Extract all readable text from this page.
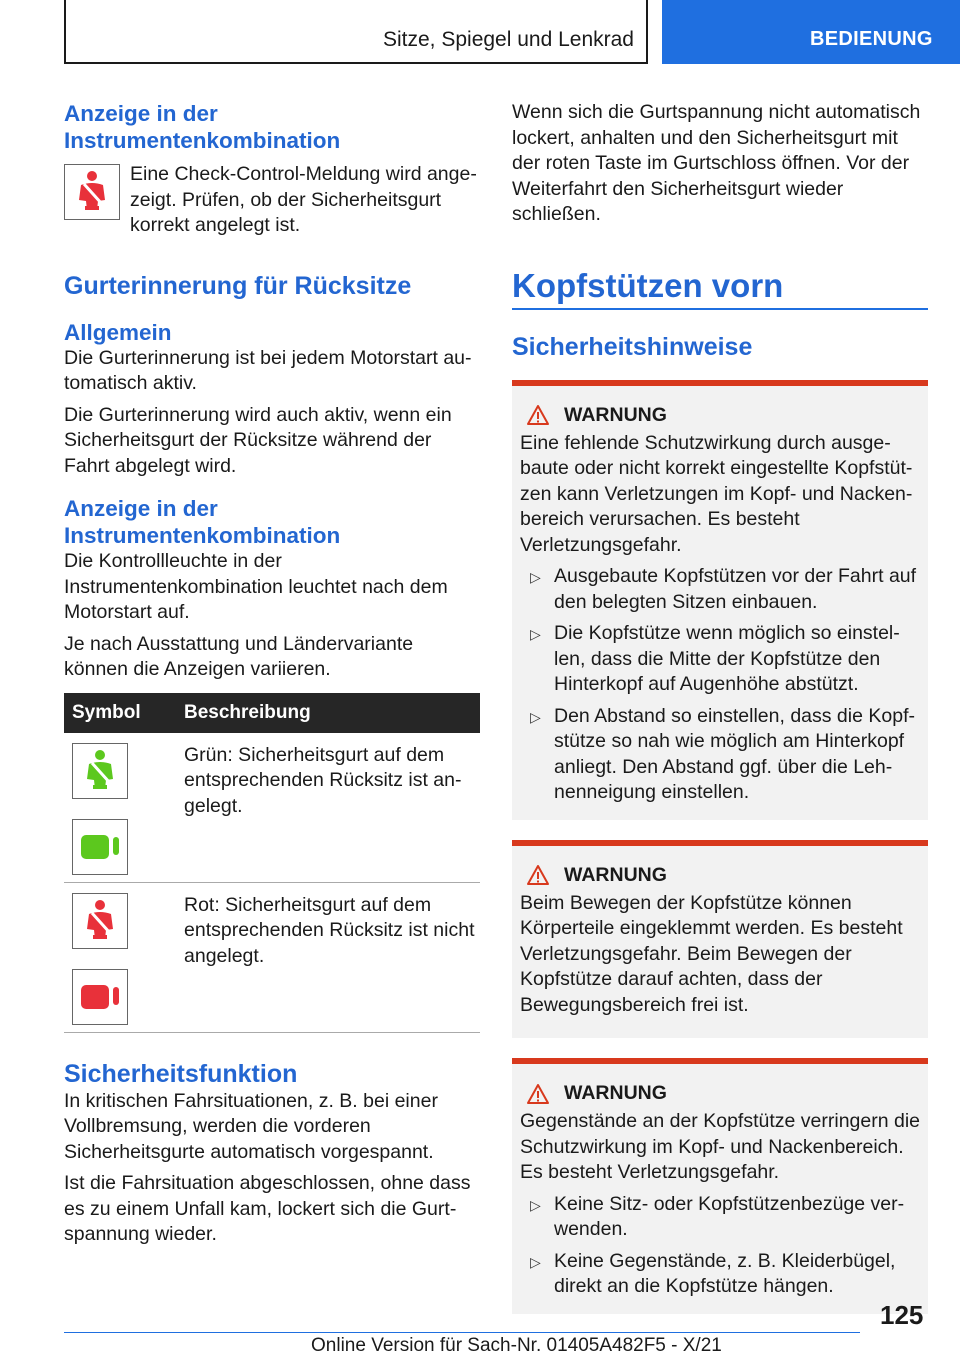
Sitze, Spiegel und Lenkrad	BEDIENUNG
Anzeige in der Instrumentenkombination

Eine Check-Control-Meldung wird angezeigt. Prüfen, ob der Sicherheitsgurt korrekt angelegt ist.

Gurterinnerung für Rücksitze
Allgemein

Die Gurterinnerung ist bei jedem Motorstart automatisch aktiv.

Die Gurterinnerung wird auch aktiv, wenn ein Sicherheitsgurt der Rücksitze während der Fahrt abgelegt wird.

Anzeige in der Instrumentenkombination

Die Kontrollleuchte in der Instrumentenkombination leuchtet nach dem Motorstart auf.

Je nach Ausstattung und Ländervariante können die Anzeigen variieren.

Symbol	Beschreibung

Grün: Sicherheitsgurt auf dem entsprechenden Rücksitz ist angelegt.

Rot: Sicherheitsgurt auf dem entsprechenden Rücksitz ist nicht angelegt.

Sicherheitsfunktion

In kritischen Fahrsituationen, z. B. bei einer Vollbremsung, werden die vorderen Sicherheitsgurte automatisch vorgespannt.

Ist die Fahrsituation abgeschlossen, ohne dass es zu einem Unfall kam, lockert sich die Gurtspannung wieder.

Wenn sich die Gurtspannung nicht automatisch lockert, anhalten und den Sicherheitsgurt mit der roten Taste im Gurtschloss öffnen. Vor der Weiterfahrt den Sicherheitsgurt wieder schließen.

Kopfstützen vorn
Sicherheitshinweise
WARNUNG

Eine fehlende Schutzwirkung durch ausgebaute oder nicht korrekt eingestellte Kopfstützen kann Verletzungen im Kopf- und Nackenbereich verursachen. Es besteht Verletzungsgefahr.

▷ Ausgebaute Kopfstützen vor der Fahrt auf den belegten Sitzen einbauen.

▷ Die Kopfstütze wenn möglich so einstellen, dass die Mitte der Kopfstütze den Hinterkopf auf Augenhöhe abstützt.

▷ Den Abstand so einstellen, dass die Kopfstütze so nah wie möglich am Hinterkopf anliegt. Den Abstand ggf. über die Lehnenneigung einstellen.

WARNUNG

Beim Bewegen der Kopfstütze können Körperteile eingeklemmt werden. Es besteht Verletzungsgefahr. Beim Bewegen der Kopfstütze darauf achten, dass der Bewegungsbereich frei ist.

WARNUNG

Gegenstände an der Kopfstütze verringern die Schutzwirkung im Kopf- und Nackenbereich. Es besteht Verletzungsgefahr.

▷ Keine Sitz- oder Kopfstützenbezüge verwenden.

▷ Keine Gegenstände, z. B. Kleiderbügel, direkt an die Kopfstütze hängen.

125
Online Version für Sach-Nr. 01405A482F5 - X/21
